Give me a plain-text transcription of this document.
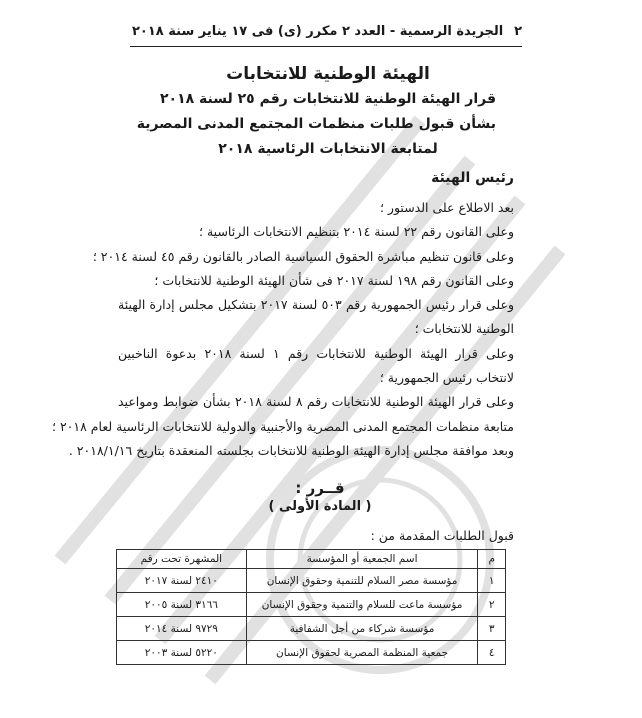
٢
الجريدة الرسمية - العدد ٢ مكرر (ى) فى ١٧ يناير سنة ٢٠١٨
الهيئة الوطنية للانتخابات
قرار الهيئة الوطنية للانتخابات رقم ٢٥ لسنة ٢٠١٨
بشأن قبول طلبات منظمات المجتمع المدنى المصرية
لمتابعة الانتخابات الرئاسية ٢٠١٨
رئيس الهيئة
بعد الاطلاع على الدستور ؛
وعلى القانون رقم ٢٢ لسنة ٢٠١٤ بتنظيم الانتخابات الرئاسية ؛
وعلى قانون تنظيم مباشرة الحقوق السياسية الصادر بالقانون رقم ٤٥ لسنة ٢٠١٤ ؛
وعلى القانون رقم ١٩٨ لسنة ٢٠١٧ فى شأن الهيئة الوطنية للانتخابات ؛
وعلى قرار رئيس الجمهورية رقم ٥٠٣ لسنة ٢٠١٧ بتشكيل مجلس إدارة الهيئة
الوطنية للانتخابات ؛
وعلى قرار الهيئة الوطنية للانتخابات رقم ١ لسنة ٢٠١٨ بدعوة الناخبين
لانتخاب رئيس الجمهورية ؛
وعلى قرار الهيئة الوطنية للانتخابات رقم ٨ لسنة ٢٠١٨ بشأن ضوابط ومواعيد
متابعة منظمات المجتمع المدنى المصرية والأجنبية والدولية للانتخابات الرئاسية لعام ٢٠١٨ ؛
وبعد موافقة مجلس إدارة الهيئة الوطنية للانتخابات بجلسته المنعقدة بتاريخ ٢٠١٨/١/١٦ .
قــرر :
( المادة الأولى )
قبول الطلبات المقدمة من :
م	اسم الجمعية أو المؤسسة	المشهرة تحت رقم
١	مؤسسة مصر السلام للتنمية وحقوق الإنسان	٢٤١٠ لسنة ٢٠١٧
٢	مؤسسة ماعت للسلام والتنمية وحقوق الإنسان	٣١٦٦ لسنة ٢٠٠٥
٣	مؤسسة شركاء من أجل الشفافية	٩٧٢٩ لسنة ٢٠١٤
٤	جمعية المنظمة المصرية لحقوق الإنسان	٥٢٢٠ لسنة ٢٠٠٣
